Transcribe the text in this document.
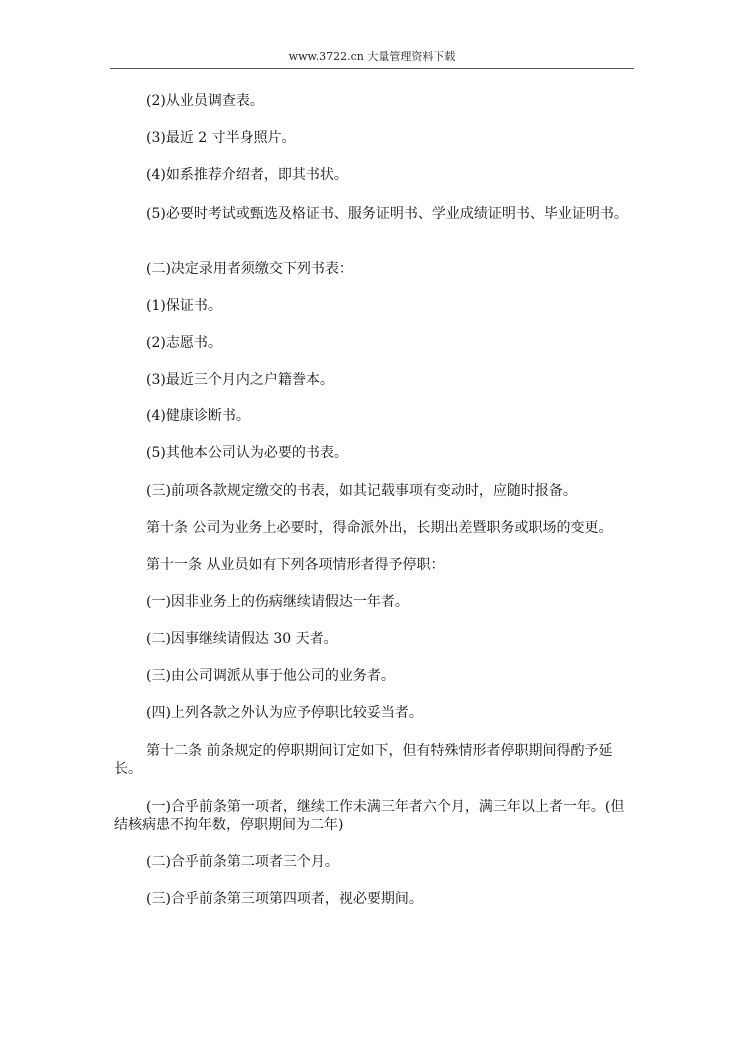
www.3722.cn 大量管理资料下载
(2)从业员调查表。
(3)最近 2 寸半身照片。
(4)如系推荐介绍者，即其书状。
(5)必要时考试或甄选及格证书、服务证明书、学业成绩证明书、毕业证明书。
(二)决定录用者须缴交下列书表：
(1)保证书。
(2)志愿书。
(3)最近三个月内之户籍誊本。
(4)健康诊断书。
(5)其他本公司认为必要的书表。
(三)前项各款规定缴交的书表，如其记载事项有变动时，应随时报备。
第十条 公司为业务上必要时，得命派外出，长期出差暨职务或职场的变更。
第十一条 从业员如有下列各项情形者得予停职：
(一)因非业务上的伤病继续请假达一年者。
(二)因事继续请假达 30 天者。
(三)由公司调派从事于他公司的业务者。
(四)上列各款之外认为应予停职比较妥当者。
第十二条 前条规定的停职期间订定如下，但有特殊情形者停职期间得酌予延长。
(一)合乎前条第一项者，继续工作未满三年者六个月，满三年以上者一年。(但结核病患不拘年数，停职期间为二年)
(二)合乎前条第二项者三个月。
(三)合乎前条第三项第四项者，视必要期间。
